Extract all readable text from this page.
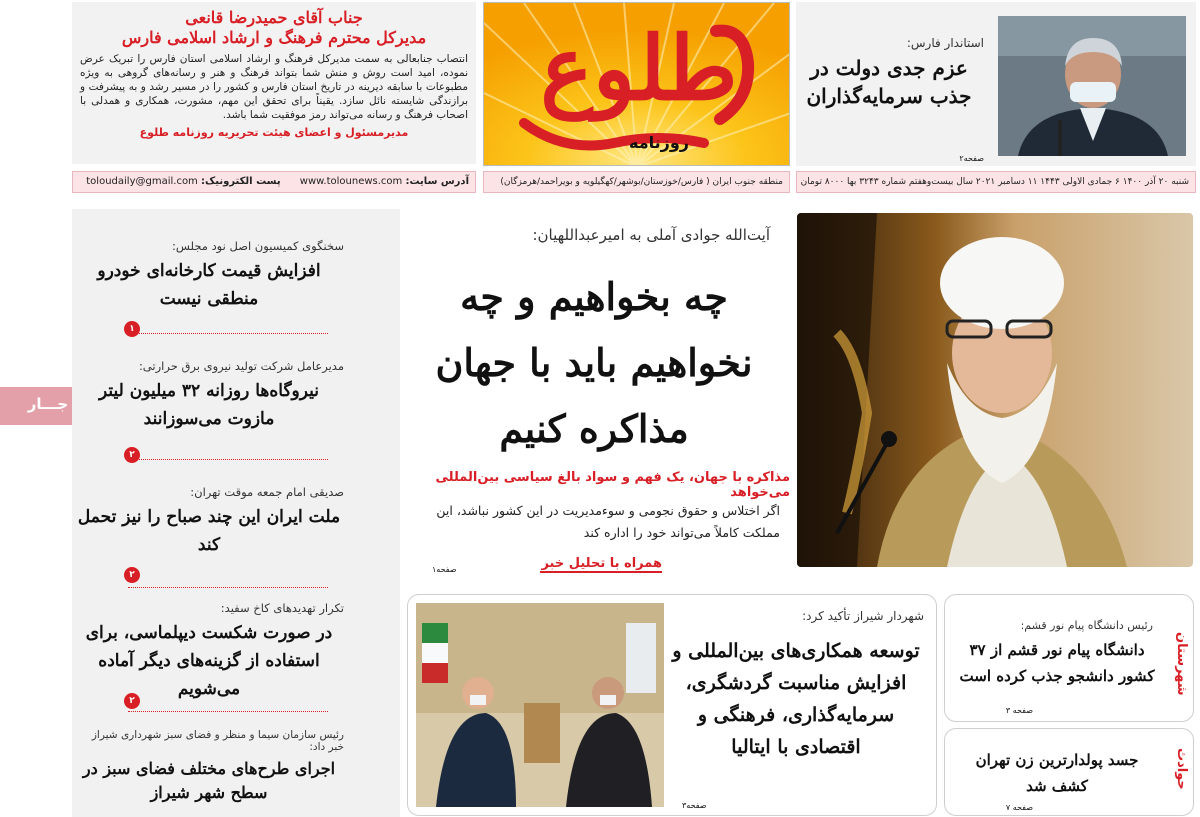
جناب آقای حمیدرضا قانعی
مدیرکل محترم فرهنگ و ارشاد اسلامی فارس
انتصاب جنابعالی به سمت مدیرکل فرهنگ و ارشاد اسلامی استان فارس را تبریک عرض نموده، امید است روش و منش شما بتواند فرهنگ و هنر و رسانه‌های گروهی به ویژه مطبوعات با سابقه دیرینه در تاریخ استان فارس و کشور را در مسیر رشد و به پیشرفت و برازندگی شایسته نائل سازد. یقیناً برای تحقق این مهم، مشورت، همکاری و همدلی با اصحاب فرهنگ و رسانه می‌تواند رمز موفقیت شما باشد.
مدیرمسئول و اعضای هیئت تحریریه روزنامه طلوع
طلوع
روزنامه
استاندار فارس:
عزم جدی دولت در جذب سرمایه‌گذاران
صفحه۲
آدرس سایت: www.tolounews.com پست الکترونیک: toloudaily@gmail.com	منطقه جنوب ایران ( فارس/خوزستان/بوشهر/کهگیلویه و بویراحمد/هرمزگان)	شنبه ۲۰ آذر ۱۴۰۰ ۶ جمادی الاولی ۱۴۴۳ ۱۱ دسامبر ۲۰۲۱ سال بیست‌وهفتم شماره ۳۲۴۳ بها ۸۰۰۰ تومان
جـــار
سخنگوی کمیسیون اصل نود مجلس:
افزایش قیمت کارخانه‌ای خودرو منطقی نیست
۱
مدیرعامل شرکت تولید نیروی برق حرارتی:
نیروگاه‌ها روزانه ۳۲ میلیون لیتر مازوت می‌سوزانند
۲
صدیقی امام جمعه موقت تهران:
ملت ایران این چند صباح را نیز تحمل کند
۲
تکرار تهدیدهای کاخ سفید:
در صورت شکست دیپلماسی، برای استفاده از گزینه‌های دیگر آماده می‌شویم
۲
رئیس سازمان سیما و منظر و فضای سبز شهرداری شیراز خبر داد:
اجرای طرح‌های مختلف فضای سبز در سطح شهر شیراز
آیت‌الله جوادی آملی به امیرعبداللهیان:
چه بخواهیم و چه نخواهیم باید با جهان مذاکره کنیم
مذاکره با جهان، یک فهم و سواد بالغ سیاسی بین‌المللی می‌خواهد
اگر اختلاس و حقوق نجومی و سوءمدیریت در این کشور نباشد، این مملکت کاملاً می‌تواند خود را اداره کند
همراه با تحلیل خبر
صفحه۱
شهردار شیراز تأکید کرد:
توسعه همکاری‌های بین‌المللی و افزایش مناسبت گردشگری، سرمایه‌گذاری، فرهنگی و اقتصادی با ایتالیا
صفحه۳
شهرستان
رئیس دانشگاه پیام نور قشم:
دانشگاه پیام نور قشم از ۳۷ کشور دانشجو جذب کرده است
صفحه ۳
حوادث
جسد پولدارترین زن تهران کشف شد
صفحه ۷
